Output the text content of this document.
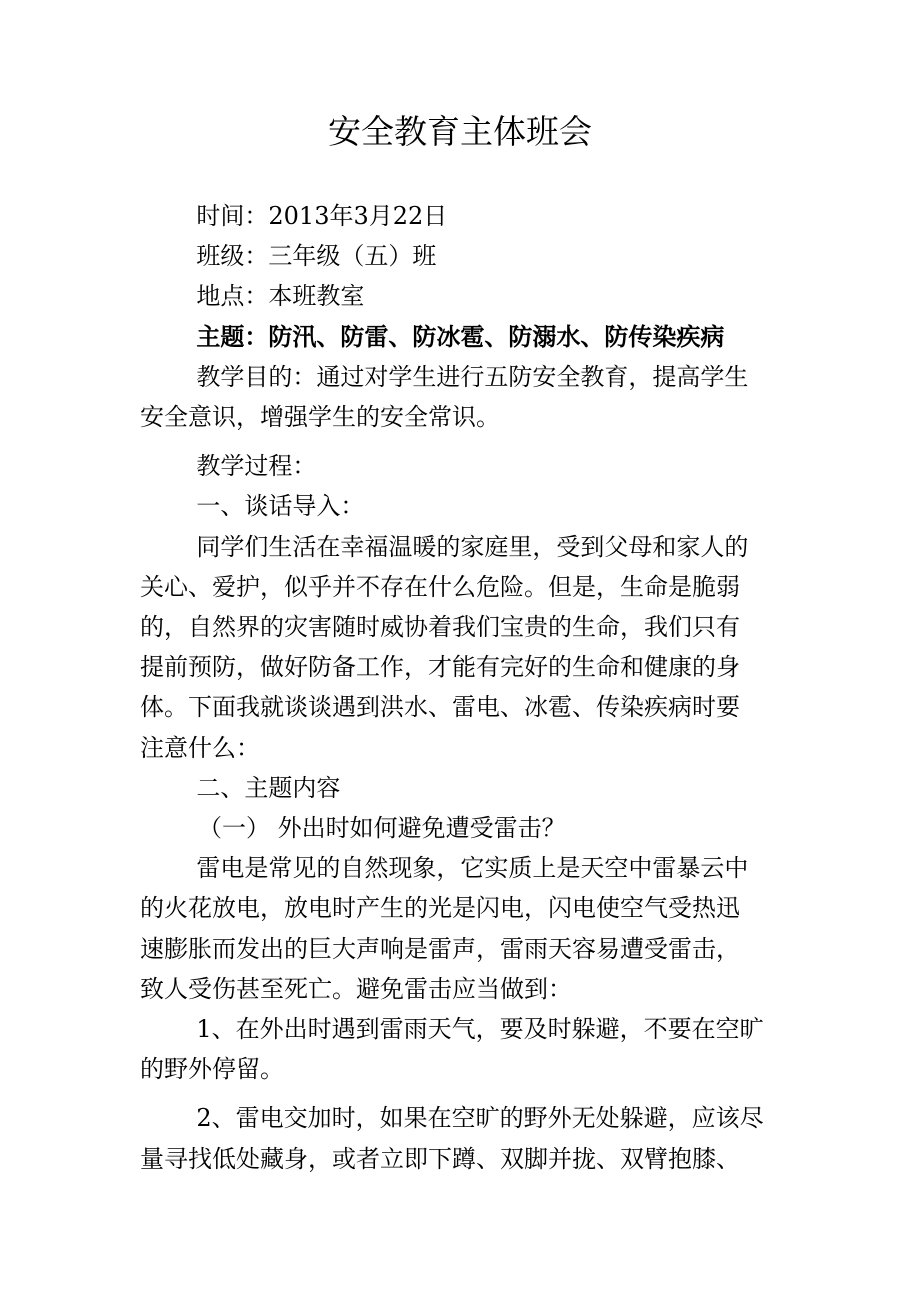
安全教育主体班会

时间：2013年3月22日

班级：三年级（五）班

地点：本班教室

主题：防汛、防雷、防冰雹、防溺水、防传染疾病

教学目的：通过对学生进行五防安全教育，提高学生

安全意识，增强学生的安全常识。

教学过程：

一、谈话导入：

同学们生活在幸福温暖的家庭里，受到父母和家人的

关心、爱护，似乎并不存在什么危险。但是，生命是脆弱

的，自然界的灾害随时威协着我们宝贵的生命，我们只有

提前预防，做好防备工作，才能有完好的生命和健康的身

体。下面我就谈谈遇到洪水、雷电、冰雹、传染疾病时要

注意什么：

二、主题内容

（一） 外出时如何避免遭受雷击？

雷电是常见的自然现象，它实质上是天空中雷暴云中

的火花放电，放电时产生的光是闪电，闪电使空气受热迅

速膨胀而发出的巨大声响是雷声，雷雨天容易遭受雷击，

致人受伤甚至死亡。避免雷击应当做到：

1、在外出时遇到雷雨天气，要及时躲避，不要在空旷

的野外停留。

2、雷电交加时，如果在空旷的野外无处躲避，应该尽

量寻找低处藏身，或者立即下蹲、双脚并拢、双臂抱膝、
